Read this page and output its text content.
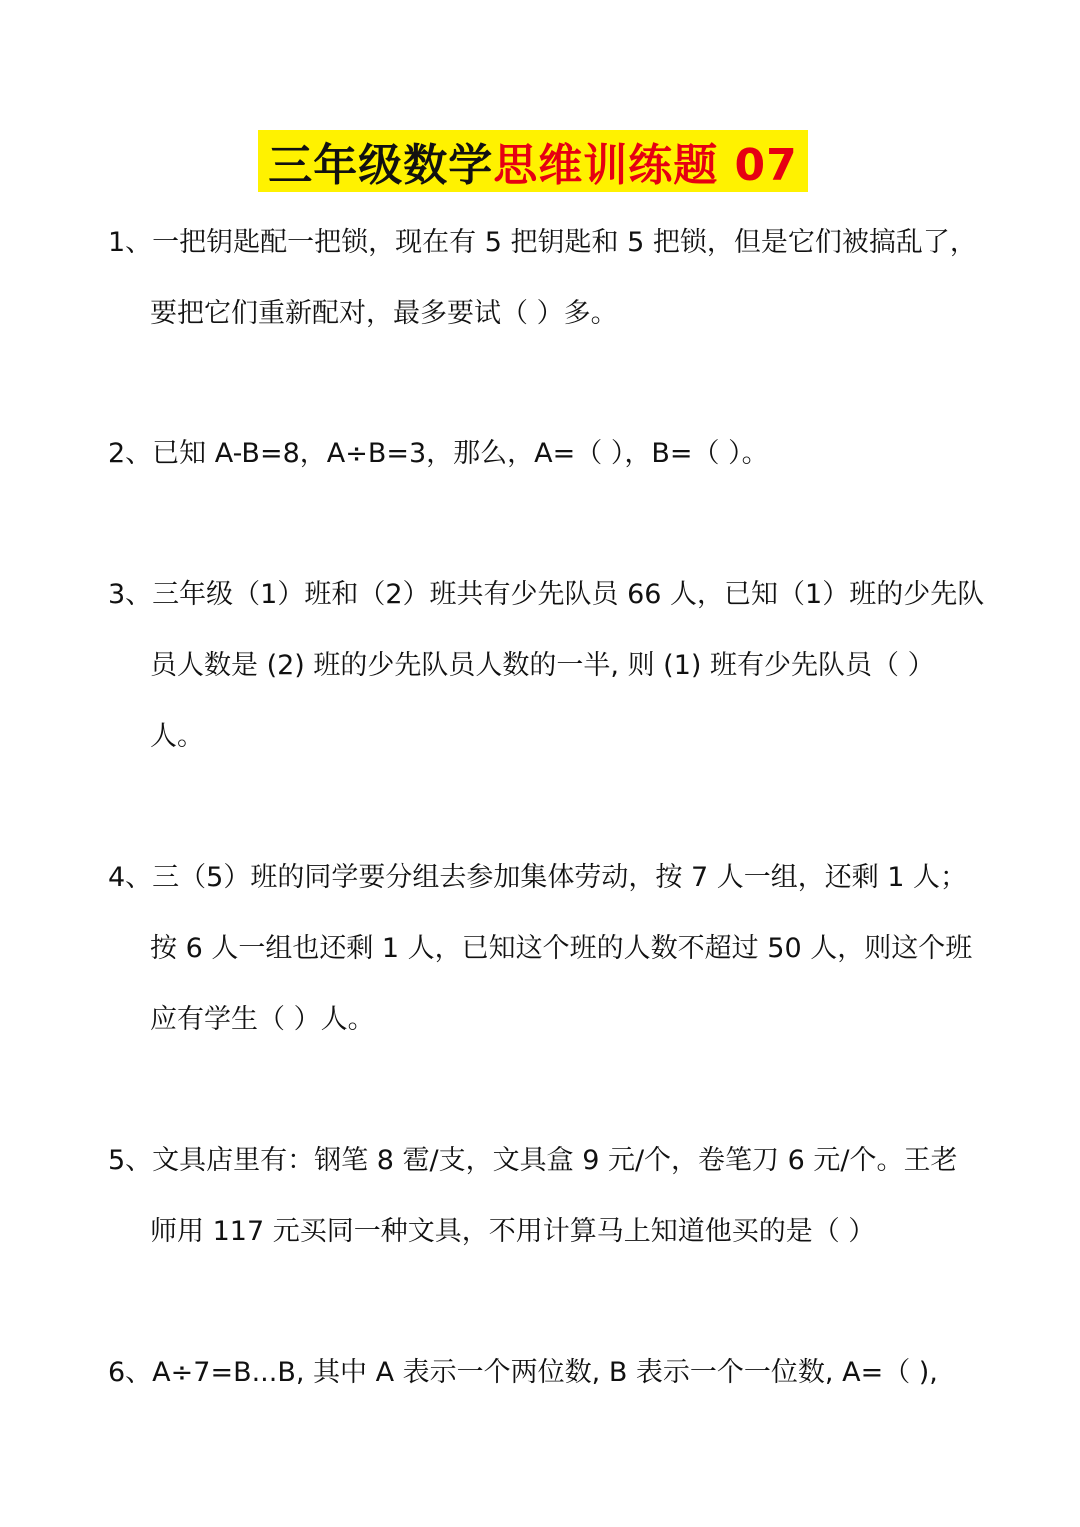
三年级数学思维训练题 07
1、一把钥匙配一把锁，现在有 5 把钥匙和 5 把锁，但是它们被搞乱了，
要把它们重新配对，最多要试（ ）多。
2、已知 A-B=8，A÷B=3，那么，A=（ ），B=（ ）。
3、三年级（1）班和（2）班共有少先队员 66 人，已知（1）班的少先队
员人数是 (2) 班的少先队员人数的一半, 则 (1) 班有少先队员（ ）
人。
4、三（5）班的同学要分组去参加集体劳动，按 7 人一组，还剩 1 人；
按 6 人一组也还剩 1 人，已知这个班的人数不超过 50 人，则这个班
应有学生（ ）人。
5、文具店里有：钢笔 8 雹/支，文具盒 9 元/个，卷笔刀 6 元/个。王老
师用 117 元买同一种文具，不用计算马上知道他买的是（ ）
6、A÷7=B...B, 其中 A 表示一个两位数, B 表示一个一位数, A=（ ),
